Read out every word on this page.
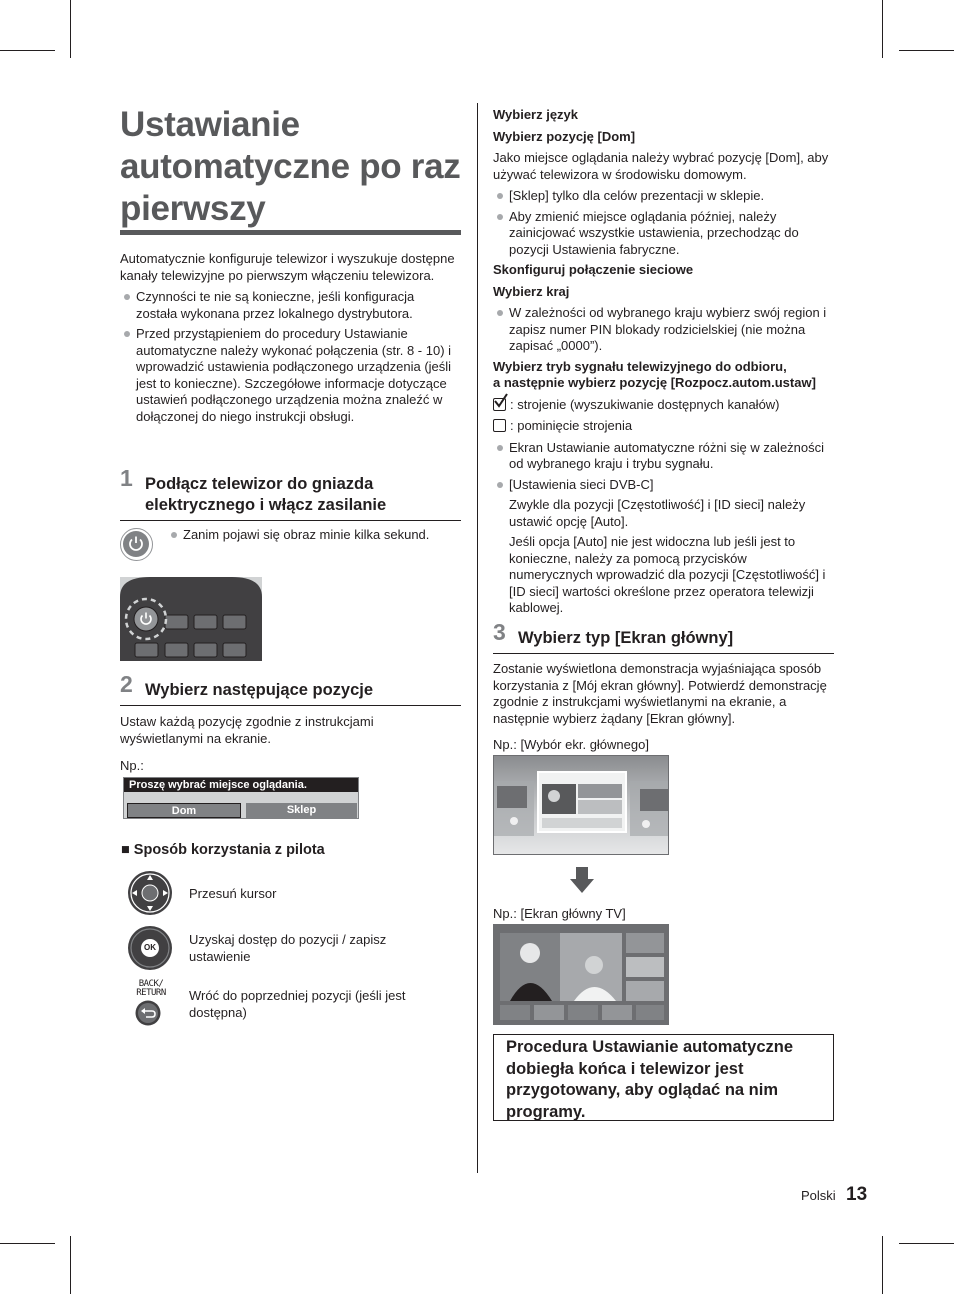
Ustawianie automatyczne po raz pierwszy

Automatycznie konfiguruje telewizor i wyszukuje dostępne kanały telewizyjne po pierwszym włączeniu telewizora.

Czynności te nie są konieczne, jeśli konfiguracja została wykonana przez lokalnego dystrybutora.
Przed przystąpieniem do procedury Ustawianie automatyczne należy wykonać połączenia (str. 8 - 10) i wprowadzić ustawienia podłączonego urządzenia (jeśli jest to konieczne). Szczegółowe informacje dotyczące ustawień podłączonego urządzenia można znaleźć w dołączonej do niego instrukcji obsługi.
1 Podłącz telewizor do gniazda elektrycznego i włącz zasilanie
Zanim pojawi się obraz minie kilka sekund.
2 Wybierz następujące pozycje
Ustaw każdą pozycję zgodnie z instrukcjami wyświetlanymi na ekranie.
Np.:
Proszę wybrać miejsce oglądania.
Dom	Sklep
■ Sposób korzystania z pilota
Przesuń kursor
OK
Uzyskaj dostęp do pozycji / zapisz ustawienie
BACK/
RETURN Wróć do poprzedniej pozycji (jeśli jest dostępna)
Wybierz język
Wybierz pozycję [Dom]

Jako miejsce oglądania należy wybrać pozycję [Dom], aby używać telewizora w środowisku domowym.

[Sklep] tylko dla celów prezentacji w sklepie.
Aby zmienić miejsce oglądania później, należy zainicjować wszystkie ustawienia, przechodząc do pozycji Ustawienia fabryczne.
Skonfiguruj połączenie sieciowe
Wybierz kraj
W zależności od wybranego kraju wybierz swój region i zapisz numer PIN blokady rodzicielskiej (nie można zapisać „0000”).
Wybierz tryb sygnału telewizyjnego do odbioru,
a następnie wybierz pozycję [Rozpocz.autom.ustaw]
: strojenie (wyszukiwanie dostępnych kanałów)
: pominięcie strojenia
Ekran Ustawianie automatyczne różni się w zależności od wybranego kraju i trybu sygnału.
[Ustawienia sieci DVB-C]

Zwykle dla pozycji [Częstotliwość] i [ID sieci] należy ustawić opcję [Auto].

Jeśli opcja [Auto] nie jest widoczna lub jeśli jest to konieczne, należy za pomocą przycisków numerycznych wprowadzić dla pozycji [Częstotliwość] i [ID sieci] wartości określone przez operatora telewizji kablowej.

3 Wybierz typ [Ekran główny]
Zostanie wyświetlona demonstracja wyjaśniająca sposób korzystania z [Mój ekran główny]. Potwierdź demonstrację zgodnie z instrukcjami wyświetlanymi na ekranie, a następnie wybierz żądany [Ekran główny].
Np.: [Wybór ekr. głównego]
Np.: [Ekran główny TV]
Procedura Ustawianie automatyczne dobiegła końca i telewizor jest przygotowany, aby oglądać na nim programy.
Polski 13
